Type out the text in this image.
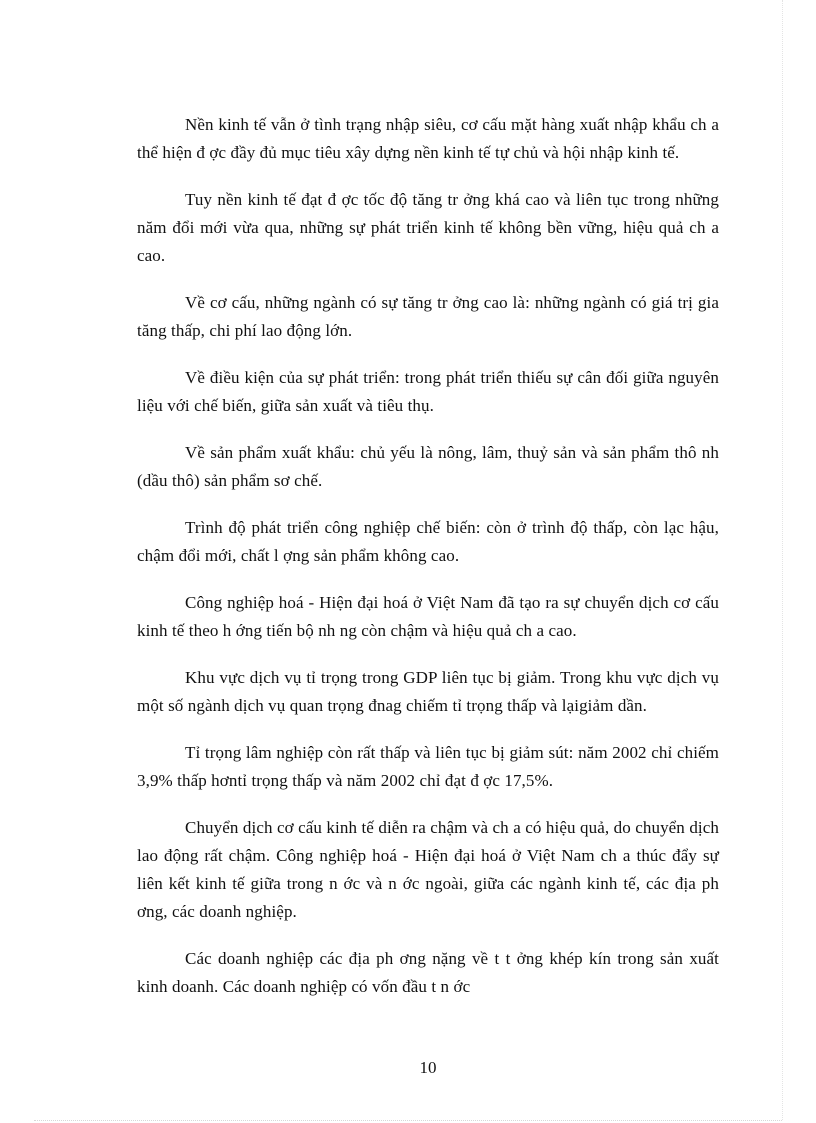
Nền kinh tế vẫn ở tình trạng nhập siêu, cơ cấu mặt hàng xuất nhập khẩu ch a thể hiện đ ợc đầy đủ mục tiêu xây dựng nền kinh tế tự chủ và hội nhập kinh tế.

Tuy nền kinh tế đạt đ ợc tốc độ tăng tr ởng khá cao và liên tục trong những năm đổi mới vừa qua, những sự phát triển kinh tế không bền vững, hiệu quả ch a cao.

Về cơ cấu, những ngành có sự tăng tr ởng cao là: những ngành có giá trị gia tăng thấp, chi phí lao động lớn.

Về điều kiện của sự phát triển: trong phát triển thiếu sự cân đối giữa nguyên liệu với chế biến, giữa sản xuất và tiêu thụ.

Về sản phẩm xuất khẩu: chủ yếu là nông, lâm, thuỷ sản và sản phẩm thô nh (dầu thô) sản phẩm sơ chế.

Trình độ phát triển công nghiệp chế biến: còn ở trình độ thấp, còn lạc hậu, chậm đổi mới, chất l ợng sản phẩm không cao.

Công nghiệp hoá - Hiện đại hoá ở Việt Nam đã tạo ra sự chuyển dịch cơ cấu kinh tế theo h ớng tiến bộ nh ng còn chậm và hiệu quả ch a cao.

Khu vực dịch vụ tỉ trọng trong GDP liên tục bị giảm. Trong khu vực dịch vụ một số ngành dịch vụ quan trọng đnag chiếm tỉ trọng thấp và lạigiảm dần.

Tỉ trọng lâm nghiệp còn rất thấp và liên tục bị giảm sút: năm 2002 chỉ chiếm 3,9% thấp hơntỉ trọng thấp và năm 2002 chỉ đạt đ ợc 17,5%.

Chuyển dịch cơ cấu kinh tế diễn ra chậm và ch a có hiệu quả, do chuyển dịch lao động rất chậm. Công nghiệp hoá - Hiện đại hoá ở Việt Nam ch a thúc đẩy sự liên kết kinh tế giữa trong n ớc và n ớc ngoài, giữa các ngành kinh tế, các địa ph ơng, các doanh nghiệp.

Các doanh nghiệp các địa ph ơng nặng về t t ởng khép kín trong sản xuất kinh doanh. Các doanh nghiệp có vốn đầu t n ớc

10
